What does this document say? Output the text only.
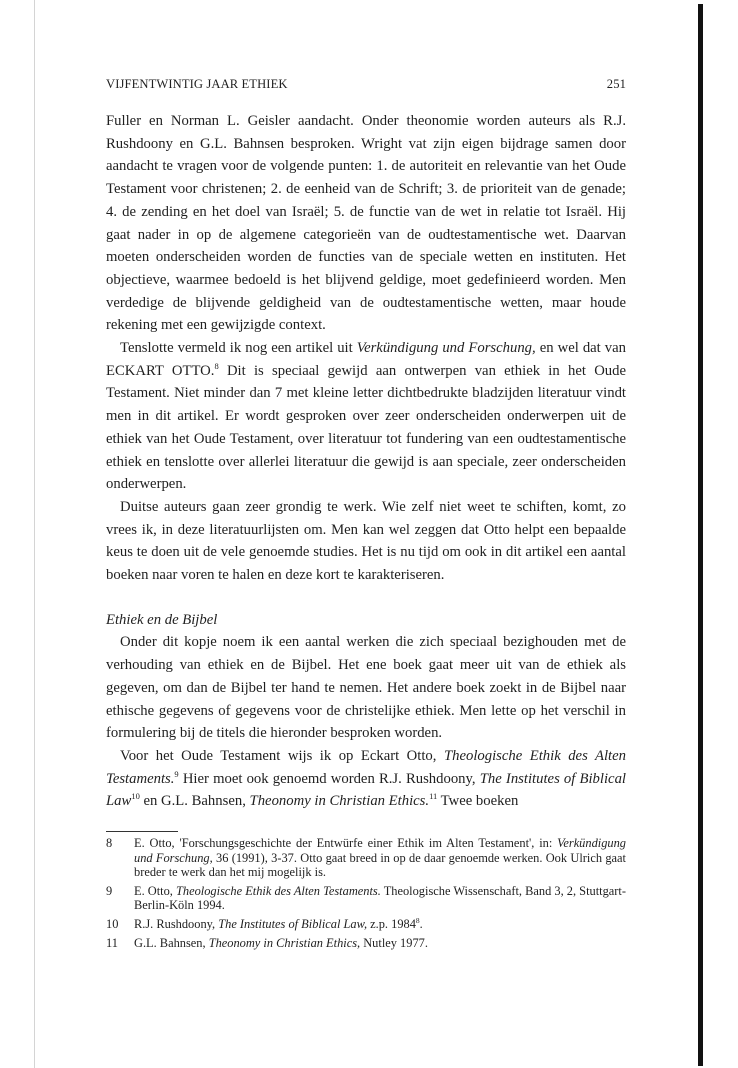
VIJFENTWINTIG JAAR ETHIEK	251

Fuller en Norman L. Geisler aandacht. Onder theonomie worden auteurs als R.J. Rushdoony en G.L. Bahnsen besproken. Wright vat zijn eigen bijdrage samen door aandacht te vragen voor de volgende punten: 1. de autoriteit en relevantie van het Oude Testament voor christenen; 2. de eenheid van de Schrift; 3. de prioriteit van de genade; 4. de zending en het doel van Israël; 5. de functie van de wet in relatie tot Israël. Hij gaat nader in op de algemene categorieën van de oudtestamentische wet. Daarvan moeten onderscheiden worden de functies van de speciale wetten en instituten. Het objectieve, waarmee bedoeld is het blijvend geldige, moet gedefinieerd worden. Men verdedige de blijvende geldigheid van de oudtestamentische wetten, maar houde rekening met een gewijzigde context.

Tenslotte vermeld ik nog een artikel uit Verkündigung und Forschung, en wel dat van ECKART OTTO.$^8$ Dit is speciaal gewijd aan ontwerpen van ethiek in het Oude Testament. Niet minder dan 7 met kleine letter dichtbedrukte bladzijden literatuur vindt men in dit artikel. Er wordt gesproken over zeer onderscheiden onderwerpen uit de ethiek van het Oude Testament, over literatuur tot fundering van een oudtestamentische ethiek en tenslotte over allerlei literatuur die gewijd is aan speciale, zeer onderscheiden onderwerpen.

Duitse auteurs gaan zeer grondig te werk. Wie zelf niet weet te schiften, komt, zo vrees ik, in deze literatuurlijsten om. Men kan wel zeggen dat Otto helpt een bepaalde keus te doen uit de vele genoemde studies. Het is nu tijd om ook in dit artikel een aantal boeken naar voren te halen en deze kort te karakteriseren.

Ethiek en de Bijbel

Onder dit kopje noem ik een aantal werken die zich speciaal bezighouden met de verhouding van ethiek en de Bijbel. Het ene boek gaat meer uit van de ethiek als gegeven, om dan de Bijbel ter hand te nemen. Het andere boek zoekt in de Bijbel naar ethische gegevens of gegevens voor de christelijke ethiek. Men lette op het verschil in formulering bij de titels die hieronder besproken worden.

Voor het Oude Testament wijs ik op Eckart Otto, Theologische Ethik des Alten Testaments.$^9$ Hier moet ook genoemd worden R.J. Rushdoony, The Institutes of Biblical Law$^{10}$ en G.L. Bahnsen, Theonomy in Christian Ethics.$^{11}$ Twee boeken

8 E. Otto, 'Forschungsgeschichte der Entwürfe einer Ethik im Alten Testament', in: Verkündigung und Forschung, 36 (1991), 3-37. Otto gaat breed in op de daar genoemde werken. Ook Ulrich gaat breder te werk dan het mij mogelijk is.
9 E. Otto, Theologische Ethik des Alten Testaments. Theologische Wissenschaft, Band 3, 2, Stuttgart-Berlin-Köln 1994.
10 R.J. Rushdoony, The Institutes of Biblical Law, z.p. 1984$^8$.
11 G.L. Bahnsen, Theonomy in Christian Ethics, Nutley 1977.
